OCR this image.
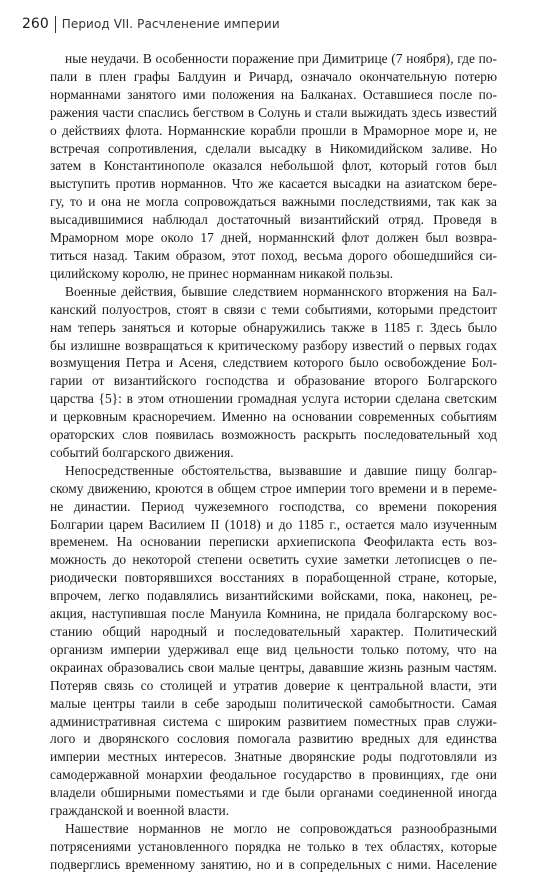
260 Период VII. Расчленение империи
ные неудачи. В особенности поражение при Димитрице (7 ноября), где по-
пали в плен графы Балдуин и Ричард, означало окончательную потерю
норманнами занятого ими положения на Балканах. Оставшиеся после по-
ражения части спаслись бегством в Солунь и стали выжидать здесь известий
о действиях флота. Норманнские корабли прошли в Мраморное море и, не
встречая сопротивления, сделали высадку в Никомидийском заливе. Но
затем в Константинополе оказался небольшой флот, который готов был
выступить против норманнов. Что же касается высадки на азиатском бере-
гу, то и она не могла сопровождаться важными последствиями, так как за
высадившимися наблюдал достаточный византийский отряд. Проведя в
Мраморном море около 17 дней, норманнский флот должен был возвра-
титься назад. Таким образом, этот поход, весьма дорого обошедшийся си-
цилийскому королю, не принес норманнам никакой пользы.
Военные действия, бывшие следствием норманнского вторжения на Бал-
канский полуостров, стоят в связи с теми событиями, которыми предстоит
нам теперь заняться и которые обнаружились также в 1185 г. Здесь было
бы излишне возвращаться к критическому разбору известий о первых годах
возмущения Петра и Асеня, следствием которого было освобождение Бол-
гарии от византийского господства и образование второго Болгарского
царства {5}: в этом отношении громадная услуга истории сделана светским
и церковным красноречием. Именно на основании современных событиям
ораторских слов появилась возможность раскрыть последовательный ход
событий болгарского движения.
Непосредственные обстоятельства, вызвавшие и давшие пищу болгар-
скому движению, кроются в общем строе империи того времени и в переме-
не династии. Период чужеземного господства, со времени покорения
Болгарии царем Василием II (1018) и до 1185 г., остается мало изученным
временем. На основании переписки архиепископа Феофилакта есть воз-
можность до некоторой степени осветить сухие заметки летописцев о пе-
риодически повторявшихся восстаниях в порабощенной стране, которые,
впрочем, легко подавлялись византийскими войсками, пока, наконец, ре-
акция, наступившая после Мануила Комнина, не придала болгарскому вос-
станию общий народный и последовательный характер. Политический
организм империи удерживал еще вид цельности только потому, что на
окраинах образовались свои малые центры, дававшие жизнь разным частям.
Потеряв связь со столицей и утратив доверие к центральной власти, эти
малые центры таили в себе зародыш политической самобытности. Самая
административная система с широким развитием поместных прав служи-
лого и дворянского сословия помогала развитию вредных для единства
империи местных интересов. Знатные дворянские роды подготовляли из
самодержавной монархии феодальное государство в провинциях, где они
владели обширными поместьями и где были органами соединенной иногда
гражданской и военной власти.
Нашествие норманнов не могло не сопровождаться разнообразными
потрясениями установленного порядка не только в тех областях, которые
подверглись временному занятию, но и в сопредельных с ними. Население
